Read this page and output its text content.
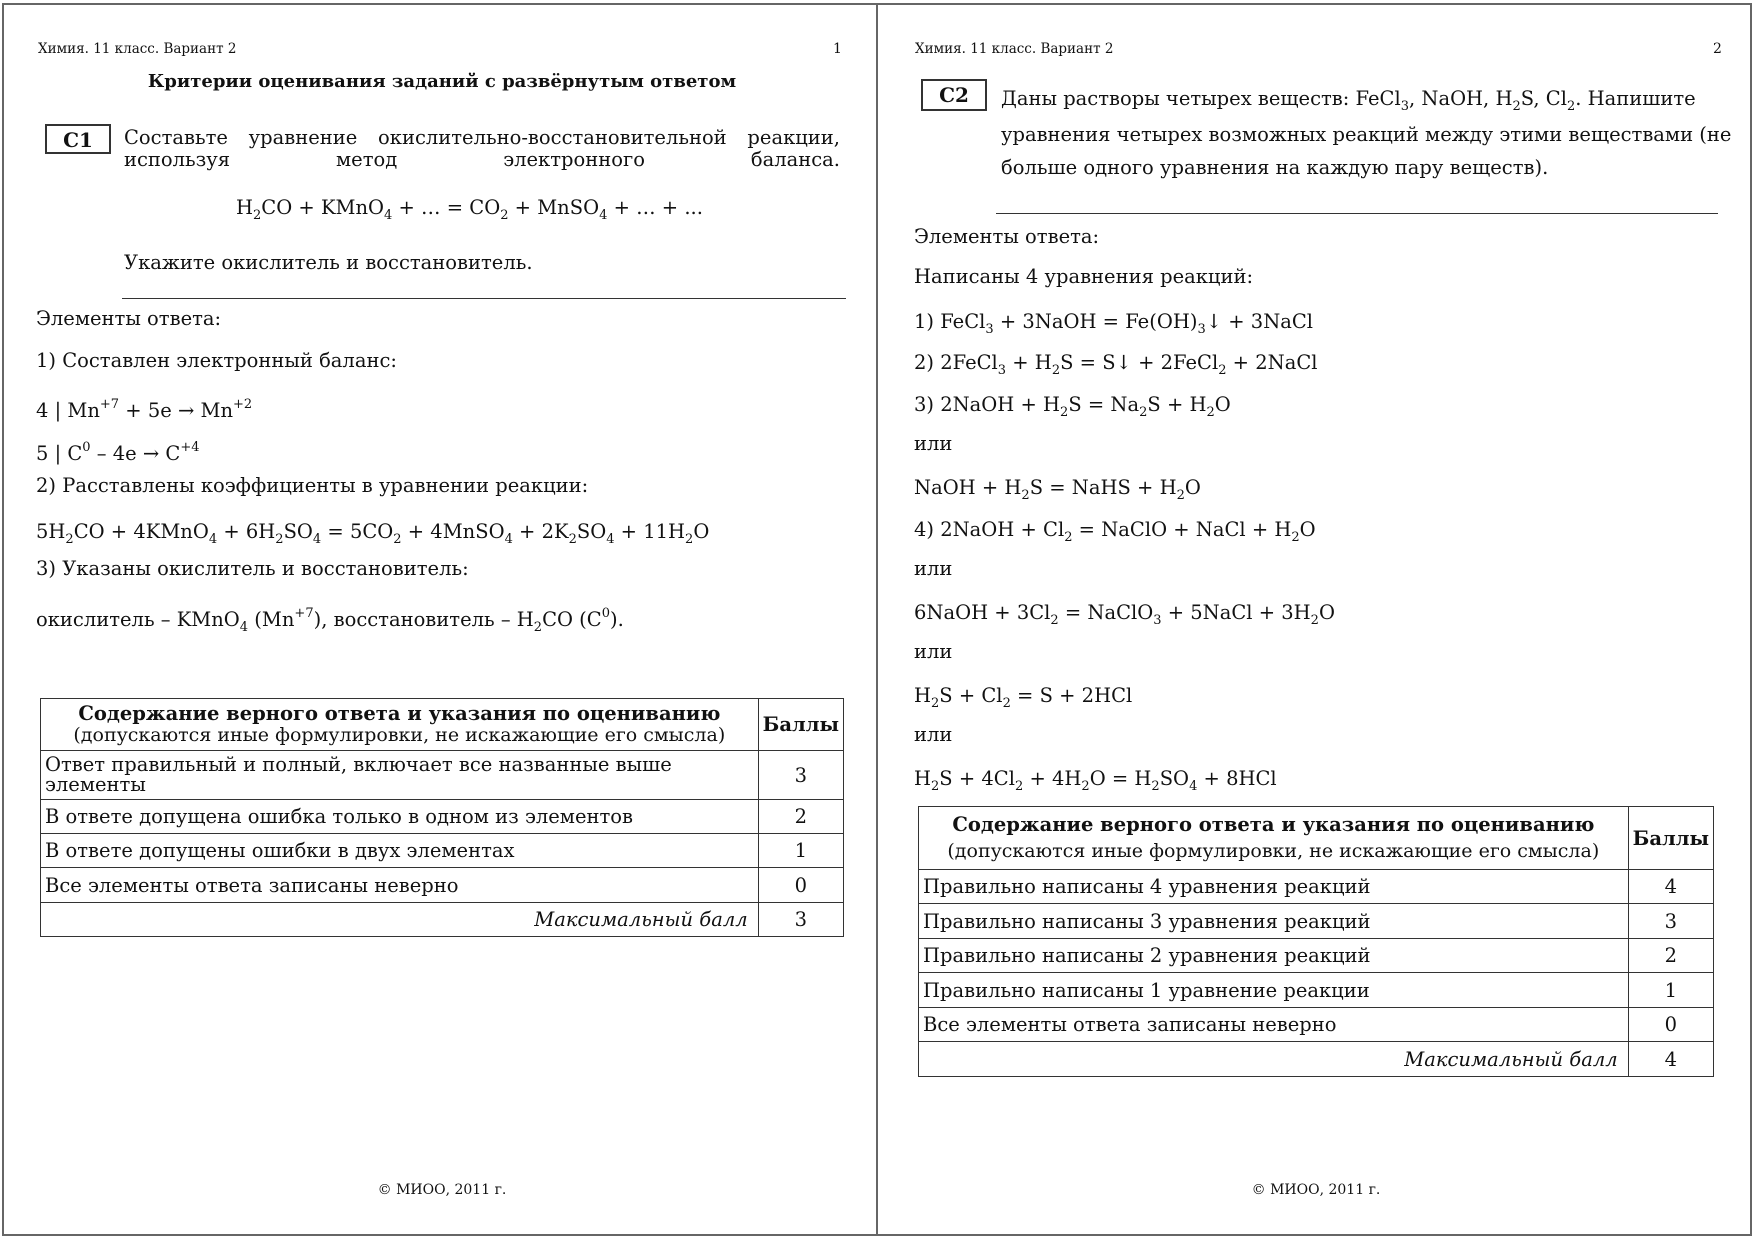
Химия. 11 класс. Вариант 2	1
Критерии оценивания заданий с развёрнутым ответом
С1	Составьте уравнение окислительно-восстановительной реакции, используя метод электронного баланса.
$H_2CO$ + KMnO$_4$ + … = $CO_2$ + MnSO$_4$ + … + ...
Укажите окислитель и восстановитель.
Элементы ответа:
1) Составлен электронный баланс:
4 | $Mn^{+7} + 5e \to Mn^{+2}$
5 | $C^0 - 4e \to C^{+4}$
2) Расставлены коэффициенты в уравнении реакции:
$5H_2CO$ + 4KMnO$_4$ + $6H_2SO_4 = 5CO_2$ + 4MnSO$_4$ + $2K_2SO_4 + 11H_2O$
3) Указаны окислитель и восстановитель:
окислитель – KMnO$_4$ $(Mn^{+7})$, восстановитель – $H_2CO$ $(C^0)$.
Содержание верного ответа и указания по оцениванию
(допускаются иные формулировки, не искажающие его смысла)	Баллы
Ответ правильный и полный, включает все названные выше элементы	3
В ответе допущена ошибка только в одном из элементов	2
В ответе допущены ошибки в двух элементах	1
Все элементы ответа записаны неверно	0
Максимальный балл	3
© МИОО, 2011 г.
Химия. 11 класс. Вариант 2	2
С2	Даны растворы четырех веществ: FeCl$_3$, NaOH, $H_2S$, $Cl_2$. Напишите
уравнения четырех возможных реакций между этими веществами (не
больше одного уравнения на каждую пару веществ).
Элементы ответа:
Написаны 4 уравнения реакций:
1) FeCl$_3$ + 3NaOH = $Fe(OH)_3↓$ + 3NaCl
2) 2FeCl$_3$ + $H_2S$ = S↓ + 2FeCl$_2$ + 2NaCl
3) 2NaOH + $H_2S = Na_2S + H_2O$
или
NaOH + $H_2S$ = NaHS + $H_2O$
4) 2NaOH + $Cl_2$ = NaClO + NaCl + $H_2O$
или
6NaOH + $3Cl_2$ = NaClO$_3$ + 5NaCl + $3H_2O$
или
$H_2S + Cl_2 = S + 2HCl$
или
$H_2S + 4Cl_2 + 4H_2O = H_2SO_4 + 8HCl$
Содержание верного ответа и указания по оцениванию
(допускаются иные формулировки, не искажающие его смысла)	Баллы
Правильно написаны 4 уравнения реакций	4
Правильно написаны 3 уравнения реакций	3
Правильно написаны 2 уравнения реакций	2
Правильно написаны 1 уравнение реакции	1
Все элементы ответа записаны неверно	0
Максимальный балл	4
© МИОО, 2011 г.
